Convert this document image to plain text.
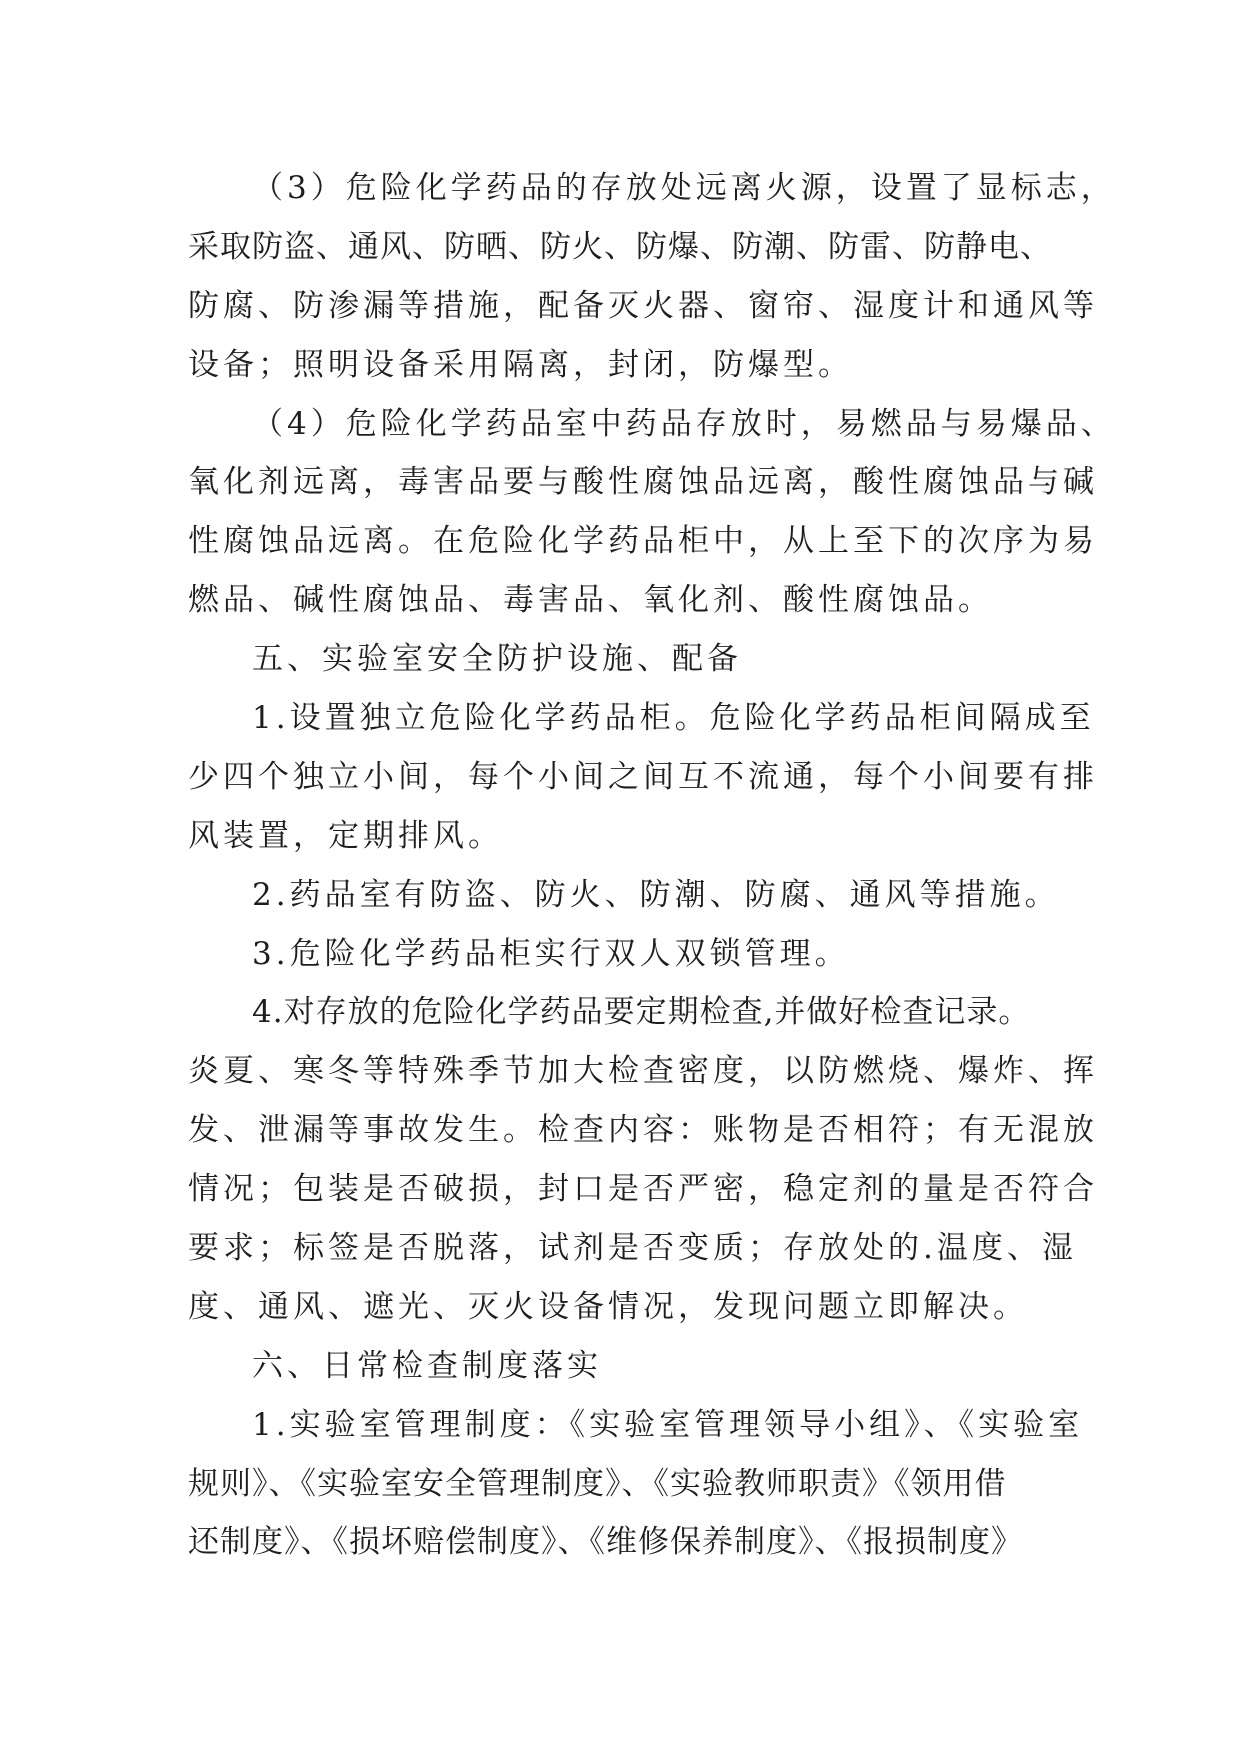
（3）危险化学药品的存放处远离火源，设置了显标志，
采取防盗、通风、防晒、防火、防爆、防潮、防雷、防静电、
防腐、防渗漏等措施，配备灭火器、窗帘、湿度计和通风等
设备；照明设备采用隔离，封闭，防爆型。
（4）危险化学药品室中药品存放时，易燃品与易爆品、
氧化剂远离，毒害品要与酸性腐蚀品远离，酸性腐蚀品与碱
性腐蚀品远离。在危险化学药品柜中，从上至下的次序为易
燃品、碱性腐蚀品、毒害品、氧化剂、酸性腐蚀品。
五、实验室安全防护设施、配备
1.设置独立危险化学药品柜。危险化学药品柜间隔成至
少四个独立小间，每个小间之间互不流通，每个小间要有排
风装置，定期排风。
2.药品室有防盗、防火、防潮、防腐、通风等措施。
3.危险化学药品柜实行双人双锁管理。
4.对存放的危险化学药品要定期检查,并做好检查记录。
炎夏、寒冬等特殊季节加大检查密度，以防燃烧、爆炸、挥
发、泄漏等事故发生。检查内容：账物是否相符；有无混放
情况；包装是否破损，封口是否严密，稳定剂的量是否符合
要求；标签是否脱落，试剂是否变质；存放处的.温度、湿
度、通风、遮光、灭火设备情况，发现问题立即解决。
六、日常检查制度落实
1.实验室管理制度：《实验室管理领导小组》、《实验室
规则》、《实验室安全管理制度》、《实验教师职责》《领用借
还制度》、《损坏赔偿制度》、《维修保养制度》、《报损制度》
